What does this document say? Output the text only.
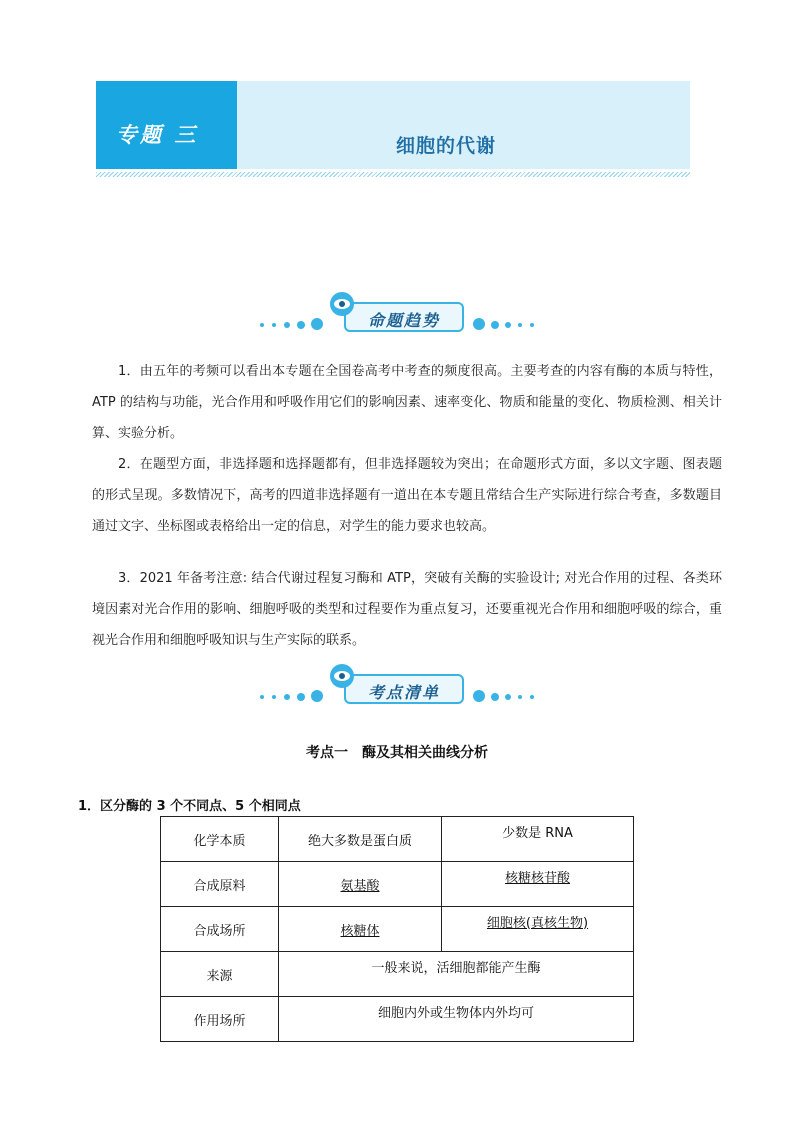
专题 三	细胞的代谢
命题趋势
1．由五年的考频可以看出本专题在全国卷高考中考查的频度很高。主要考查的内容有酶的本质与特性，ATP 的结构与功能，光合作用和呼吸作用它们的影响因素、速率变化、物质和能量的变化、物质检测、相关计算、实验分析。
2．在题型方面，非选择题和选择题都有，但非选择题较为突出；在命题形式方面，多以文字题、图表题的形式呈现。多数情况下，高考的四道非选择题有一道出在本专题且常结合生产实际进行综合考查，多数题目通过文字、坐标图或表格给出一定的信息，对学生的能力要求也较高。
3．2021 年备考注意: 结合代谢过程复习酶和 ATP，突破有关酶的实验设计; 对光合作用的过程、各类环境因素对光合作用的影响、细胞呼吸的类型和过程要作为重点复习，还要重视光合作用和细胞呼吸的综合，重视光合作用和细胞呼吸知识与生产实际的联系。
考点清单
考点一　酶及其相关曲线分析
1．区分酶的 3 个不同点、5 个相同点
化学本质	绝大多数是蛋白质	少数是 RNA
合成原料	氨基酸	核糖核苷酸
合成场所	核糖体	细胞核(真核生物)
来源	一般来说，活细胞都能产生酶	
作用场所	细胞内外或生物体内外均可	
